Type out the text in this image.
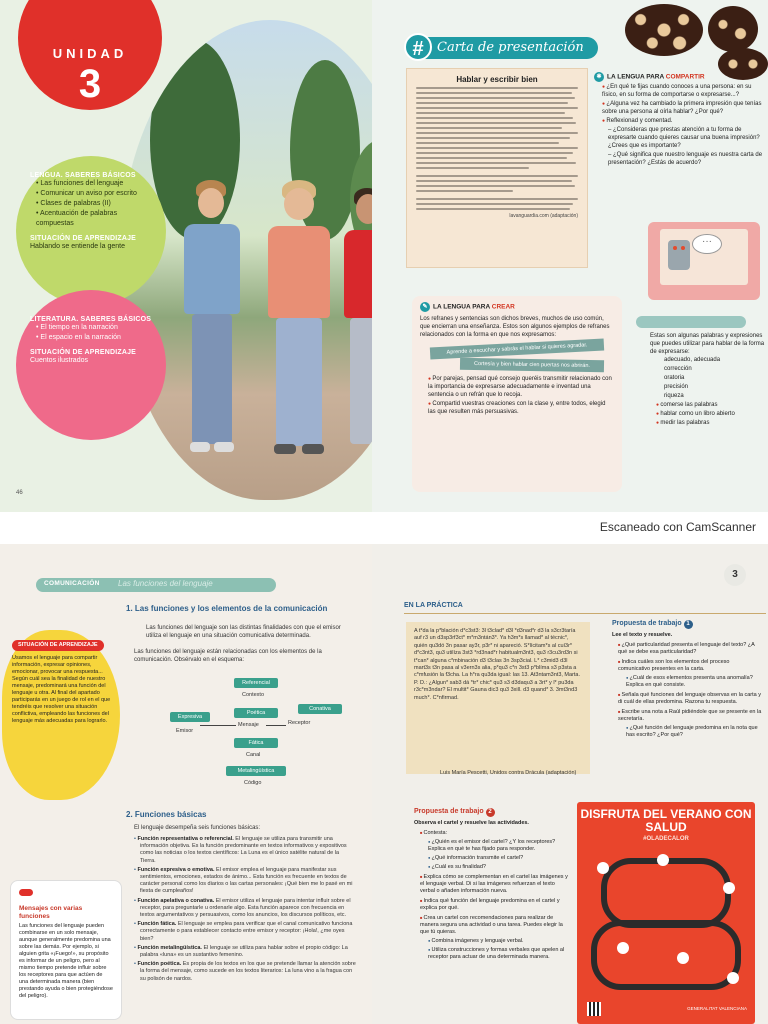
UNIDAD
3
LENGUA. SABERES BÁSICOS
• Las funciones del lenguaje
• Comunicar un aviso por escrito
• Clases de palabras (II)
• Acentuación de palabras compuestas
SITUACIÓN DE APRENDIZAJE
Hablando se entiende la gente
LITERATURA. SABERES BÁSICOS
• El tiempo en la narración
• El espacio en la narración
SITUACIÓN DE APRENDIZAJE
Cuentos ilustrados
46
#	Carta de presentación
Hablar y escribir bien
lavanguardia.com (adaptación)
✱ LA LENGUA PARA COMPARTIR
● ¿En qué te fijas cuando conoces a una persona: en su físico, en su forma de comportarse o expresarse...?
● ¿Alguna vez ha cambiado la primera impresión que tenías sobre una persona al oírla hablar? ¿Por qué?
● Reflexionad y comentad.
– ¿Consideras que prestas atención a tu forma de expresarte cuando quieres causar una buena impresión? ¿Crees que es importante?
– ¿Qué significa que nuestro lenguaje es nuestra carta de presentación? ¿Estás de acuerdo?
···
✎ LA LENGUA PARA CREAR
Los refranes y sentencias son dichos breves, muchos de uso común, que encierran una enseñanza. Estos son algunos ejemplos de refranes relacionados con la forma en que nos expresamos:
Aprende a escuchar y sabrás el hablar si quieres agradar.
Cortesía y bien hablar cien puertas nos abrirán.
● Por parejas, pensad qué consejo queréis transmitir relacionado con la importancia de expresarse adecuadamente e inventad una sentencia o un refrán que lo recoja.
● Compartid vuestras creaciones con la clase y, entre todos, elegid las que resulten más persuasivas.
Estas son algunas palabras y expresiones que puedes utilizar para hablar de la forma de expresarse:
adecuado, adecuada
corrección
oratoria
precisión
riqueza
● comerse las palabras
● hablar como un libro abierto
● medir las palabras
Escaneado con CamScanner
COMUNICACIÓN Las funciones del lenguaje
1. Las funciones y los elementos de la comunicación
Las funciones del lenguaje son las distintas finalidades con que el emisor utiliza el lenguaje en una situación comunicativa determinada.
Las funciones del lenguaje están relacionadas con los elementos de la comunicación. Obsérvalo en el esquema:
SITUACIÓN DE APRENDIZAJE
Usamos el lenguaje para compartir información, expresar opiniones, emocionar, provocar una respuesta... Según cuál sea la finalidad de nuestro mensaje, predominará una función del lenguaje u otra. Al final del apartado participarás en un juego de rol en el que tendréis que resolver una situación conflictiva, empleando las funciones del lenguaje más adecuadas para lograrlo.
Referencial
Contexto
Expresiva
Poética
Conativa
Emisor
Mensaje	Receptor
Fática
Canal
Metalingüística
Código
2. Funciones básicas
El lenguaje desempeña seis funciones básicas:
• Función representativa o referencial. El lenguaje se utiliza para transmitir una información objetiva. Es la función predominante en textos informativos y expositivos como las noticias o los textos científicos: La Luna es el único satélite natural de la Tierra.
• Función expresiva o emotiva. El emisor emplea el lenguaje para manifestar sus sentimientos, emociones, estados de ánimo... Esta función es frecuente en textos de carácter personal como los diarios o las cartas personales: ¡Qué bien me lo pasé en mi fiesta de cumpleaños!
• Función apelativa o conativa. El emisor utiliza el lenguaje para intentar influir sobre el receptor, para preguntarle u ordenarle algo. Esta función aparece con frecuencia en textos argumentativos y persuasivos, como los anuncios, los discursos políticos, etc.
• Función fática. El lenguaje se emplea para verificar que el canal comunicativo funciona correctamente o para establecer contacto entre emisor y receptor: ¡Hola!, ¿me oyes bien?
• Función metalingüística. El lenguaje se utiliza para hablar sobre el propio código: La palabra «luna» es un sustantivo femenino.
• Función poética. Es propia de los textos en los que se pretende llamar la atención sobre la forma del mensaje, como sucede en los textos literarios: La luna vino a la fragua con su polisón de nardos.
Mensajes con varias funciones
Las funciones del lenguaje pueden combinarse en un solo mensaje, aunque generalmente predomina una sobre las demás. Por ejemplo, si alguien grita «¡Fuego!», su propósito es informar de un peligro, pero al mismo tiempo pretende influir sobre los receptores para que actúen de una determinada manera (bien prestando ayuda o bien protegiéndose del peligro).
3
EN LA PRÁCTICA
A t*da la p*blación d*c3st3: 3l t3clad* d3l *d3nad*r d3 la s3cr3taría auf r3 un d3sp3rf3ct* m*m3ntán3*. Ya h3m*s llamad* al técnic*, quién qu3dó 3n pasar ay3r, p3r* ni apareció. S*lícitam*s al cuí3r* d*c3nt3, qu3 utilíza 3st3 *rd3nad*r habitualm3nt3, qu3 r3cu3rd3n si t*can* alguna c*mbinación d3 t3clas 3n 3sp3cial. L* c3mid3 d3l mart3s t3n pasa al v3ern3s alia, p*qu3 c*n 3st3 p*blíma s3 p3sta a c*mfusión la f3cha. La h*ra qu3da igual: las 13. At3ntam3nt3, Marta. P. D.: ¿Algun* sab3 dá *tr* chic* qu3 s3 d3daqu3 a 3rt* y l* pu3da r3c*m3ndar? El multit* Gauna dic3 qu3 3xill. d3 quand* 3. 3mt3nd3 much*. C*nfirmad.
Luis María Pescetti, Unidos contra Drácula (adaptación)
Propuesta de trabajo 1
Lee el texto y resuelve.
■ ¿Qué particularidad presenta el lenguaje del texto? ¿A qué se debe esa particularidad?
■ Indica cuáles son los elementos del proceso comunicativo presentes en la carta.
● ¿Cuál de esos elementos presenta una anomalía? Explica en qué consiste.
■ Señala qué funciones del lenguaje observas en la carta y di cuál de ellas predomina. Razona tu respuesta.
■ Escribe una nota a Raúl pidiéndole que se presente en la secretaría.
● ¿Qué función del lenguaje predomina en la nota que has escrito? ¿Por qué?
Propuesta de trabajo 2
Observa el cartel y resuelve las actividades.
■ Contesta:
● ¿Quién es el emisor del cartel? ¿Y los receptores? Explica en qué te has fijado para responder.
● ¿Qué información transmite el cartel?
● ¿Cuál es su finalidad?
■ Explica cómo se complementan en el cartel las imágenes y el lenguaje verbal. Di si las imágenes refuerzan el texto verbal o añaden información nueva.
■ Indica qué función del lenguaje predomina en el cartel y explica por qué.
■ Crea un cartel con recomendaciones para realizar de manera segura una actividad o una tarea. Puedes elegir la que tú quieras.
● Combina imágenes y lenguaje verbal.
● Utiliza construcciones y formas verbales que apelen al receptor para actuar de una determinada manera.
DISFRUTA DEL VERANO CON SALUD
#OLADECALOR
GENERALITAT VALENCIANA
